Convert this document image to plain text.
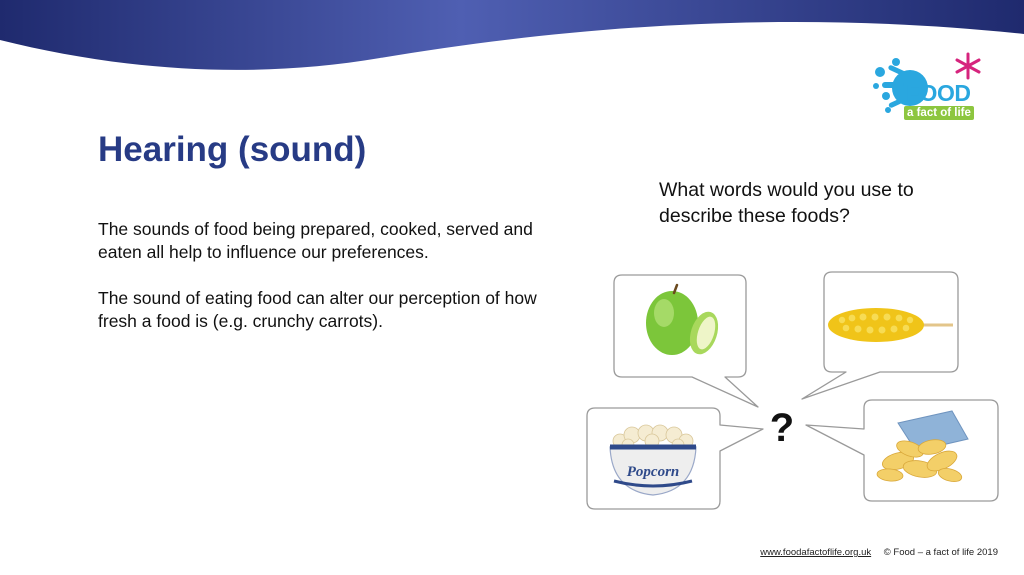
FOOD
a fact of life
Hearing (sound)

The sounds of food being prepared, cooked, served and eaten all help to influence our preferences.

The sound of eating food can alter our perception of how fresh a food is (e.g. crunchy carrots).

What words would you use to describe these foods?

Popcorn
?
www.foodafactoflife.org.uk © Food – a fact of life 2019
